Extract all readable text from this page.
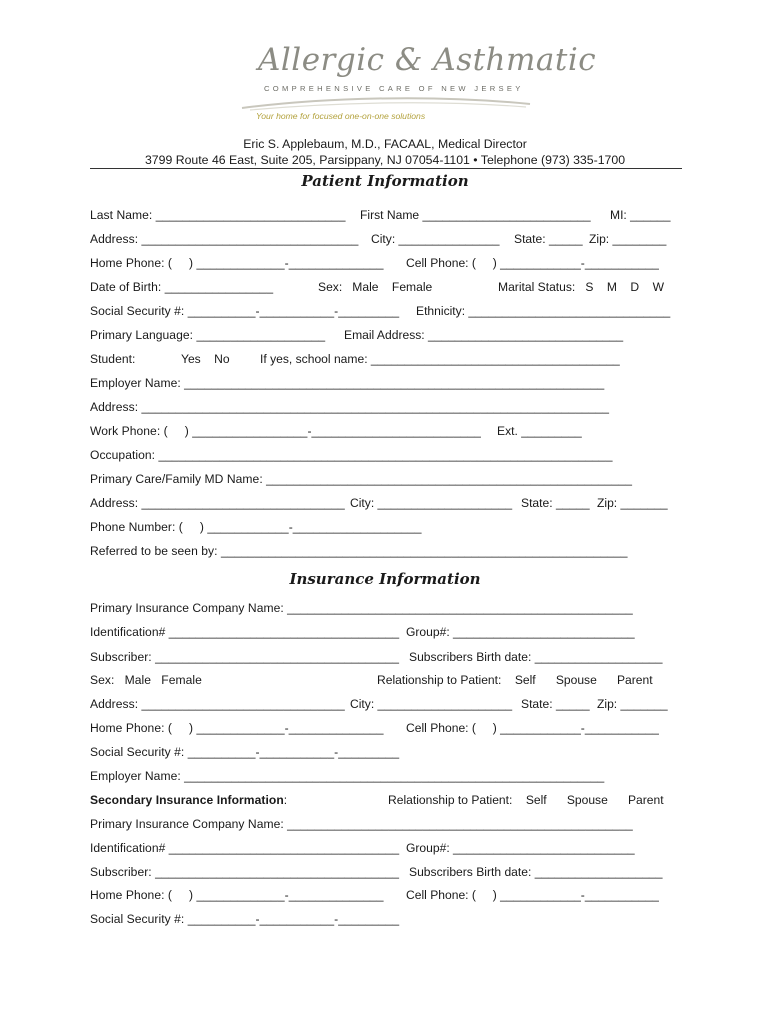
Allergic & Asthmatic
COMPREHENSIVE CARE OF NEW JERSEY
Your home for focused one-on-one solutions
Eric S. Applebaum, M.D., FACAAL, Medical Director
3799 Route 46 East, Suite 205, Parsippany, NJ 07054-1101 • Telephone (973) 335-1700
Patient Information
Last Name: ____________________________ First Name _________________________ MI: ______
Address: ________________________________ City: _______________ State: _____ Zip: ________
Home Phone: (     ) _____________-______________ Cell Phone: (     ) ____________-___________
Date of Birth: ________________	Sex:   Male    Female	Marital Status:   S    M    D    W
Social Security #: __________-___________-_________ Ethnicity: ______________________________
Primary Language: ___________________ Email Address: _____________________________
Student:	Yes    No	If yes, school name: _____________________________________
Employer Name: ______________________________________________________________
Address: _____________________________________________________________________
Work Phone: (     ) _________________-_________________________ Ext. _________
Occupation: ___________________________________________________________________
Primary Care/Family MD Name: ______________________________________________________
Address: ______________________________ City: ____________________ State: _____ Zip: _______
Phone Number: (     ) ____________-___________________
Referred to be seen by: ____________________________________________________________
Insurance Information
Primary Insurance Company Name: ___________________________________________________
Identification# __________________________________ Group#: ___________________________
Subscriber: ____________________________________ Subscribers Birth date: ___________________
Sex:   Male   Female	Relationship to Patient:    Self      Spouse      Parent
Address: ______________________________ City: ____________________ State: _____ Zip: _______
Home Phone: (     ) _____________-______________ Cell Phone: (     ) ____________-___________
Social Security #: __________-___________-_________
Employer Name: ______________________________________________________________
Secondary Insurance Information:	Relationship to Patient:    Self      Spouse      Parent
Primary Insurance Company Name: ___________________________________________________
Identification# __________________________________ Group#: ___________________________
Subscriber: ____________________________________ Subscribers Birth date: ___________________
Home Phone: (     ) _____________-______________ Cell Phone: (     ) ____________-___________
Social Security #: __________-___________-_________
